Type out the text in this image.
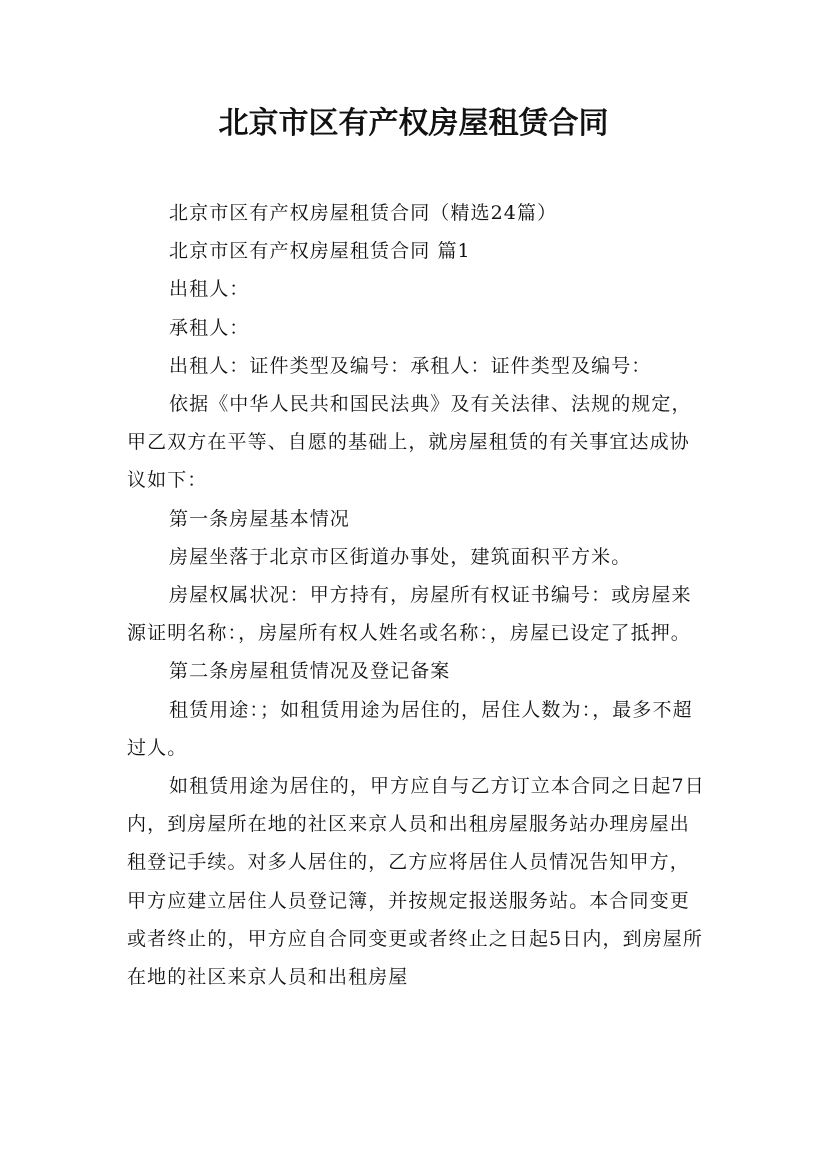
北京市区有产权房屋租赁合同

北京市区有产权房屋租赁合同（精选24篇）

北京市区有产权房屋租赁合同 篇1

出租人：

承租人：

出租人：证件类型及编号：承租人：证件类型及编号：

依据《中华人民共和国民法典》及有关法律、法规的规定，甲乙双方在平等、自愿的基础上，就房屋租赁的有关事宜达成协议如下：

第一条房屋基本情况

房屋坐落于北京市区街道办事处，建筑面积平方米。

房屋权属状况：甲方持有，房屋所有权证书编号：或房屋来源证明名称：，房屋所有权人姓名或名称：，房屋已设定了抵押。

第二条房屋租赁情况及登记备案

租赁用途：；如租赁用途为居住的，居住人数为：，最多不超过人。

如租赁用途为居住的，甲方应自与乙方订立本合同之日起7日内，到房屋所在地的社区来京人员和出租房屋服务站办理房屋出租登记手续。对多人居住的，乙方应将居住人员情况告知甲方，甲方应建立居住人员登记簿，并按规定报送服务站。本合同变更或者终止的，甲方应自合同变更或者终止之日起5日内，到房屋所在地的社区来京人员和出租房屋
